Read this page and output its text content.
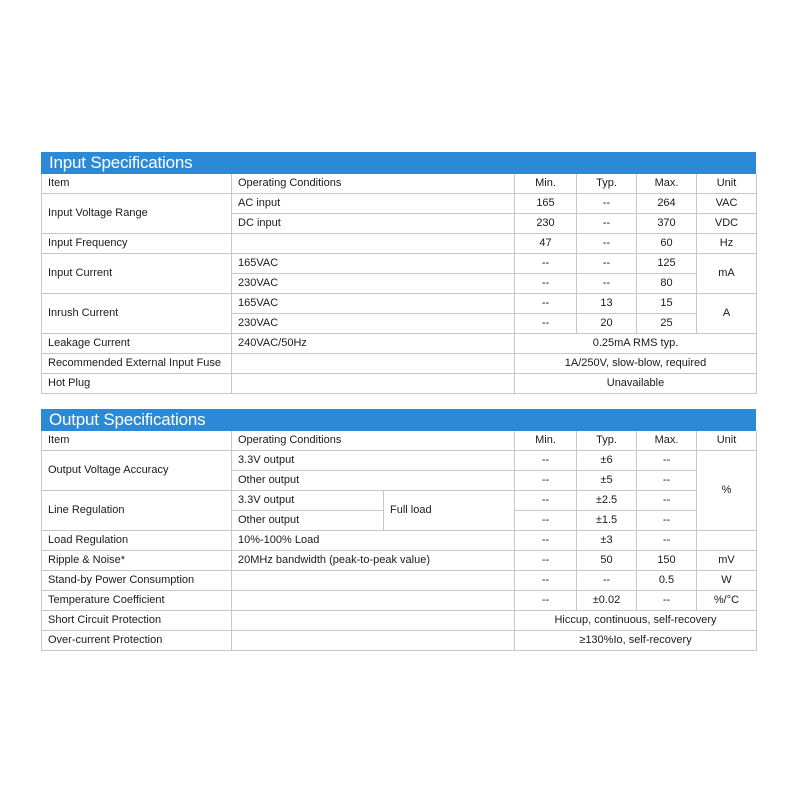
Input Specifications
Item	Operating Conditions	Min.	Typ.	Max.	Unit
Input Voltage Range	AC input	165	--	264	VAC
	DC input	230	--	370	VDC
Input Frequency		47	--	60	Hz
Input Current	165VAC	--	--	125	mA
	230VAC	--	--	80	
Inrush Current	165VAC	--	13	15	A
	230VAC	--	20	25	
Leakage Current	240VAC/50Hz	0.25mA RMS typ.			
Recommended External Input Fuse		1A/250V, slow-blow, required			
Hot Plug		Unavailable			
Output Specifications
Item	Operating Conditions		Min.	Typ.	Max.	Unit
Output Voltage Accuracy	3.3V output		--	±6	--	%
	Other output		--	±5	--	
Line Regulation	3.3V output	Full load	--	±2.5	--	
	Other output		--	±1.5	--	
Load Regulation	10%-100% Load		--	±3	--	
Ripple & Noise*	20MHz bandwidth (peak-to-peak value)		--	50	150	mV
Stand-by Power Consumption			--	--	0.5	W
Temperature Coefficient			--	±0.02	--	%/°C
Short Circuit Protection			Hiccup, continuous, self-recovery			
Over-current Protection			≥130%Io, self-recovery			
